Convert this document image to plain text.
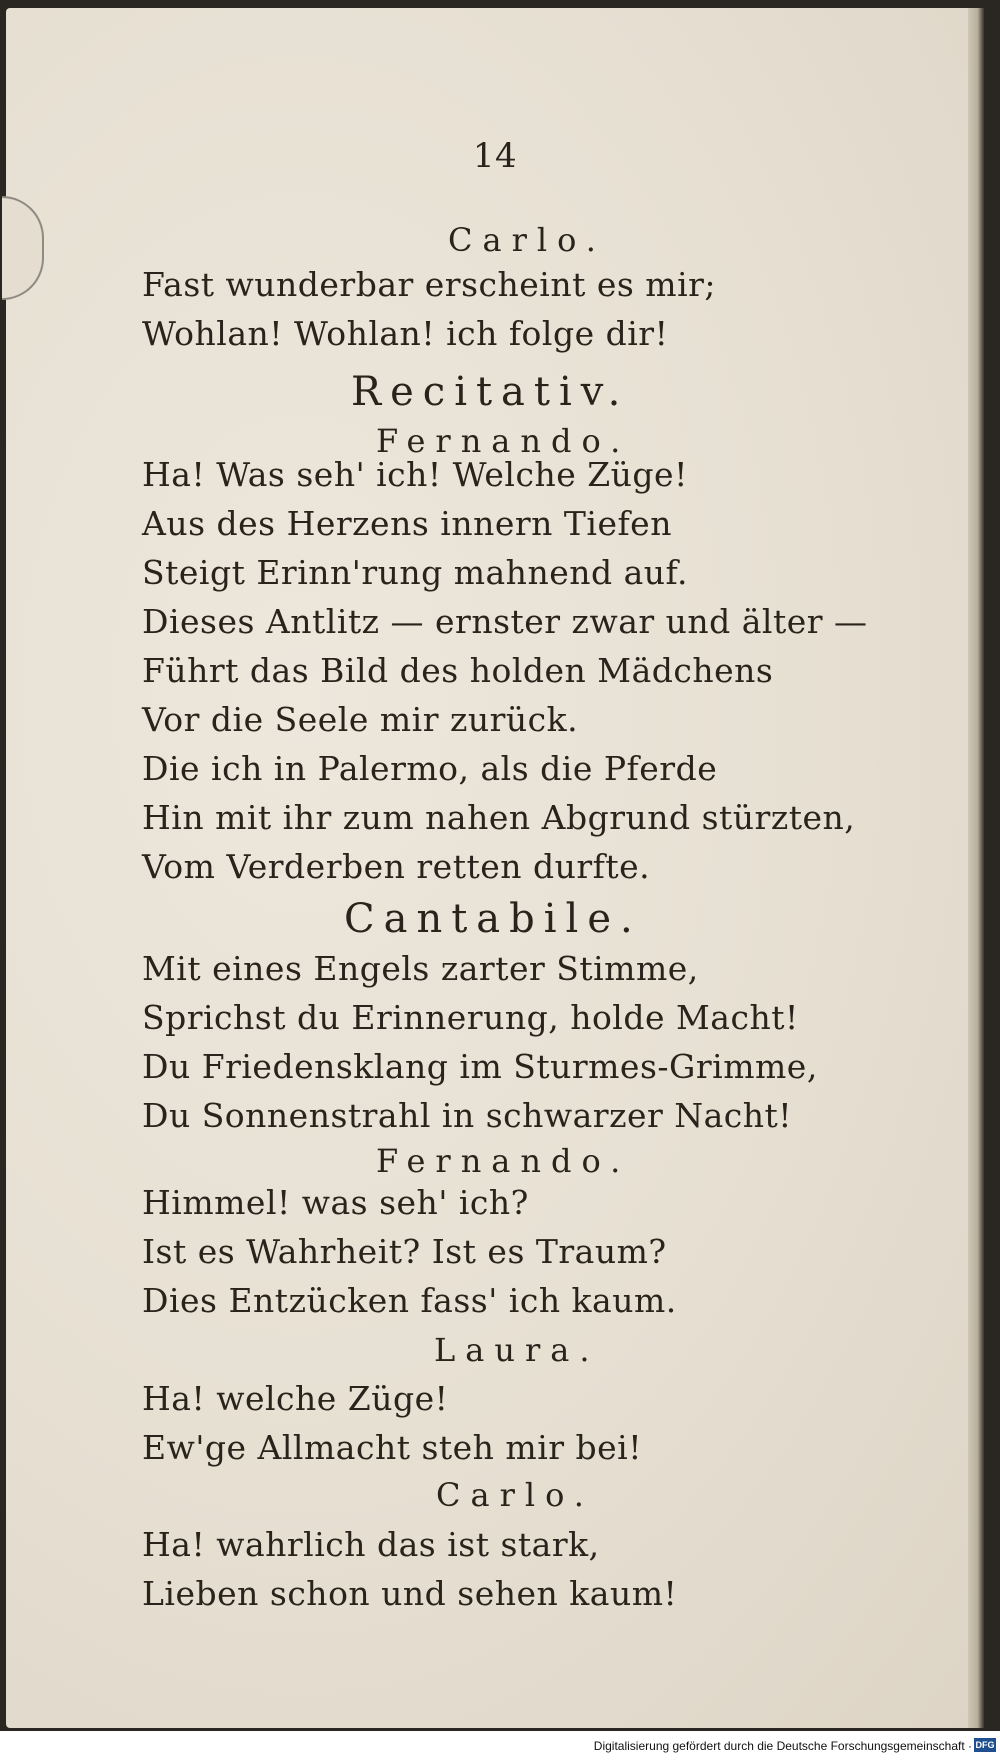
14

Carlo.

Fast wunderbar erscheint es mir;

Wohlan! Wohlan! ich folge dir!

Recitativ.

Fernando.

Ha! Was seh' ich! Welche Züge!

Aus des Herzens innern Tiefen

Steigt Erinn'rung mahnend auf.

Dieses Antlitz — ernster zwar und älter —

Führt das Bild des holden Mädchens

Vor die Seele mir zurück.

Die ich in Palermo, als die Pferde

Hin mit ihr zum nahen Abgrund stürzten,

Vom Verderben retten durfte.

Cantabile.

Mit eines Engels zarter Stimme,

Sprichst du Erinnerung, holde Macht!

Du Friedensklang im Sturmes-Grimme,

Du Sonnenstrahl in schwarzer Nacht!

Fernando.

Himmel! was seh' ich?

Ist es Wahrheit? Ist es Traum?

Dies Entzücken fass' ich kaum.

Laura.

Ha! welche Züge!

Ew'ge Allmacht steh mir bei!

Carlo.

Ha! wahrlich das ist stark,

Lieben schon und sehen kaum!

Digitalisierung gefördert durch die Deutsche Forschungsgemeinschaft · DFG
